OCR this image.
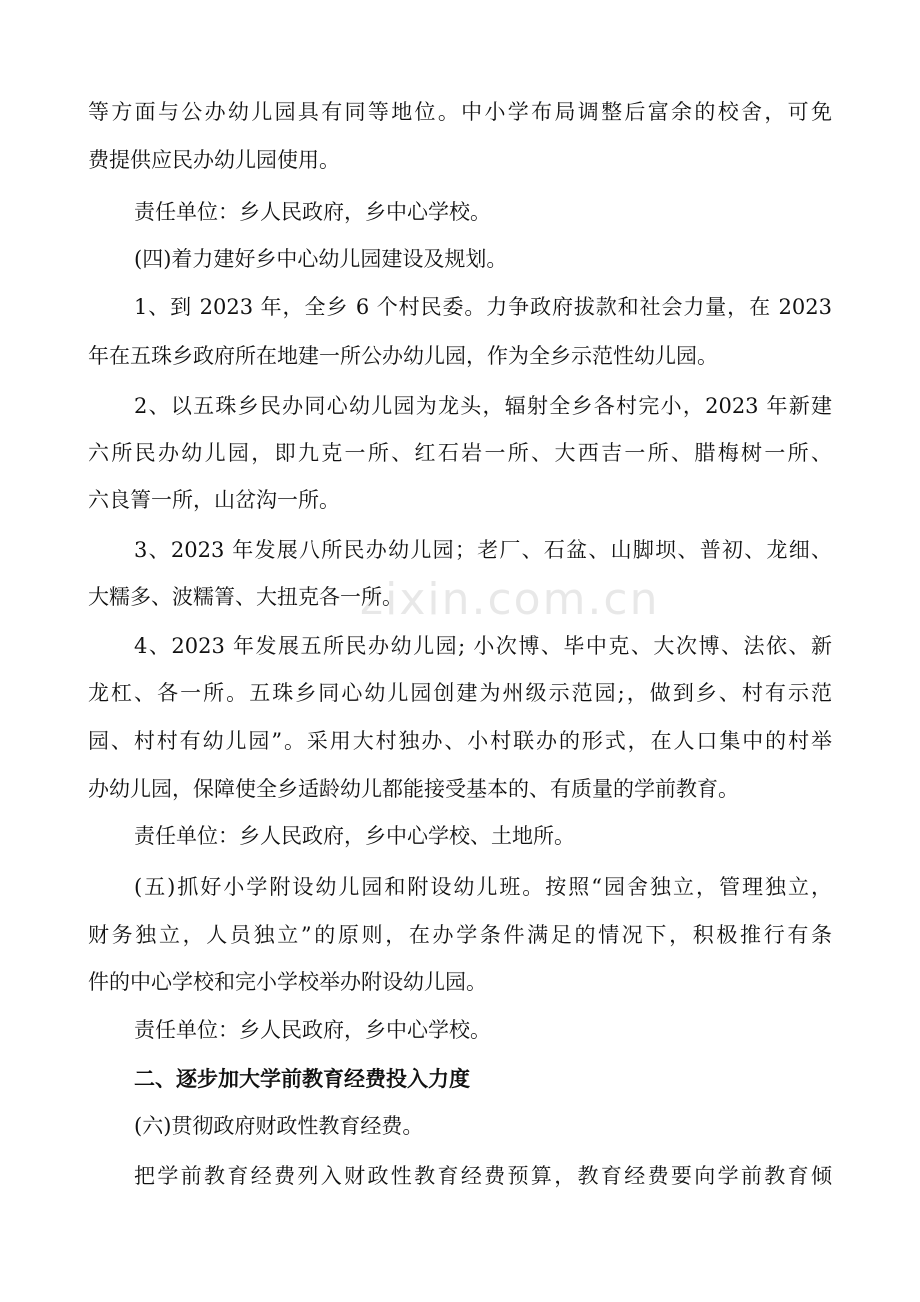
zixin.com.cn
等方面与公办幼儿园具有同等地位。中小学布局调整后富余的校舍，可免
费提供应民办幼儿园使用。
责任单位：乡人民政府，乡中心学校。
(四)着力建好乡中心幼儿园建设及规划。
1、到 2023 年，全乡 6 个村民委。力争政府拔款和社会力量，在 2023
年在五珠乡政府所在地建一所公办幼儿园，作为全乡示范性幼儿园。
2、以五珠乡民办同心幼儿园为龙头，辐射全乡各村完小，2023 年新建
六所民办幼儿园，即九克一所、红石岩一所、大西吉一所、腊梅树一所、
六良箐一所，山岔沟一所。
3、2023 年发展八所民办幼儿园；老厂、石盆、山脚坝、普初、龙细、
大糯多、波糯箐、大扭克各一所。
4、2023 年发展五所民办幼儿园; 小次博、毕中克、大次博、法依、新
龙杠、各一所。五珠乡同心幼儿园创建为州级示范园;，做到乡、村有示范
园、村村有幼儿园”。采用大村独办、小村联办的形式，在人口集中的村举
办幼儿园，保障使全乡适龄幼儿都能接受基本的、有质量的学前教育。
责任单位：乡人民政府，乡中心学校、土地所。
(五)抓好小学附设幼儿园和附设幼儿班。按照“园舍独立，管理独立，
财务独立，人员独立”的原则，在办学条件满足的情况下，积极推行有条
件的中心学校和完小学校举办附设幼儿园。
责任单位：乡人民政府，乡中心学校。
二、逐步加大学前教育经费投入力度
(六)贯彻政府财政性教育经费。
把学前教育经费列入财政性教育经费预算，教育经费要向学前教育倾
